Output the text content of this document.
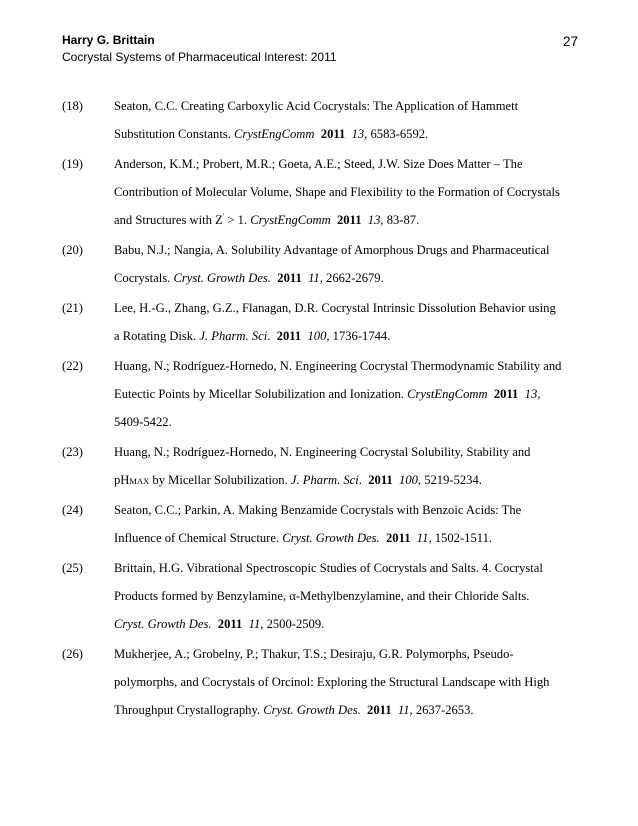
Harry G. Brittain
Cocrystal Systems of Pharmaceutical Interest: 2011
27
(18) Seaton, C.C. Creating Carboxylic Acid Cocrystals: The Application of Hammett
Substitution Constants. CrystEngComm 2011 13, 6583-6592.
(19) Anderson, K.M.; Probert, M.R.; Goeta, A.E.; Steed, J.W. Size Does Matter – The
Contribution of Molecular Volume, Shape and Flexibility to the Formation of Cocrystals
and Structures with Z' > 1. CrystEngComm 2011 13, 83-87.
(20) Babu, N.J.; Nangia, A. Solubility Advantage of Amorphous Drugs and Pharmaceutical
Cocrystals. Cryst. Growth Des. 2011 11, 2662-2679.
(21) Lee, H.-G., Zhang, G.Z., Flanagan, D.R. Cocrystal Intrinsic Dissolution Behavior using
a Rotating Disk. J. Pharm. Sci.  2011 100, 1736-1744.
(22) Huang, N.; Rodríguez-Hornedo, N. Engineering Cocrystal Thermodynamic Stability and
Eutectic Points by Micellar Solubilization and Ionization. CrystEngComm 2011 13,
5409-5422.
(23) Huang, N.; Rodríguez-Hornedo, N. Engineering Cocrystal Solubility, Stability and
pHMAX by Micellar Solubilization. J. Pharm. Sci.  2011 100, 5219-5234.
(24) Seaton, C.C.; Parkin, A. Making Benzamide Cocrystals with Benzoic Acids: The
Influence of Chemical Structure. Cryst. Growth Des. 2011 11, 1502-1511.
(25) Brittain, H.G. Vibrational Spectroscopic Studies of Cocrystals and Salts. 4. Cocrystal
Products formed by Benzylamine, α-Methylbenzylamine, and their Chloride Salts.
Cryst. Growth Des. 2011 11, 2500-2509.
(26) Mukherjee, A.; Grobelny, P.; Thakur, T.S.; Desiraju, G.R. Polymorphs, Pseudo-
polymorphs, and Cocrystals of Orcinol: Exploring the Structural Landscape with High
Throughput Crystallography. Cryst. Growth Des. 2011 11, 2637-2653.
